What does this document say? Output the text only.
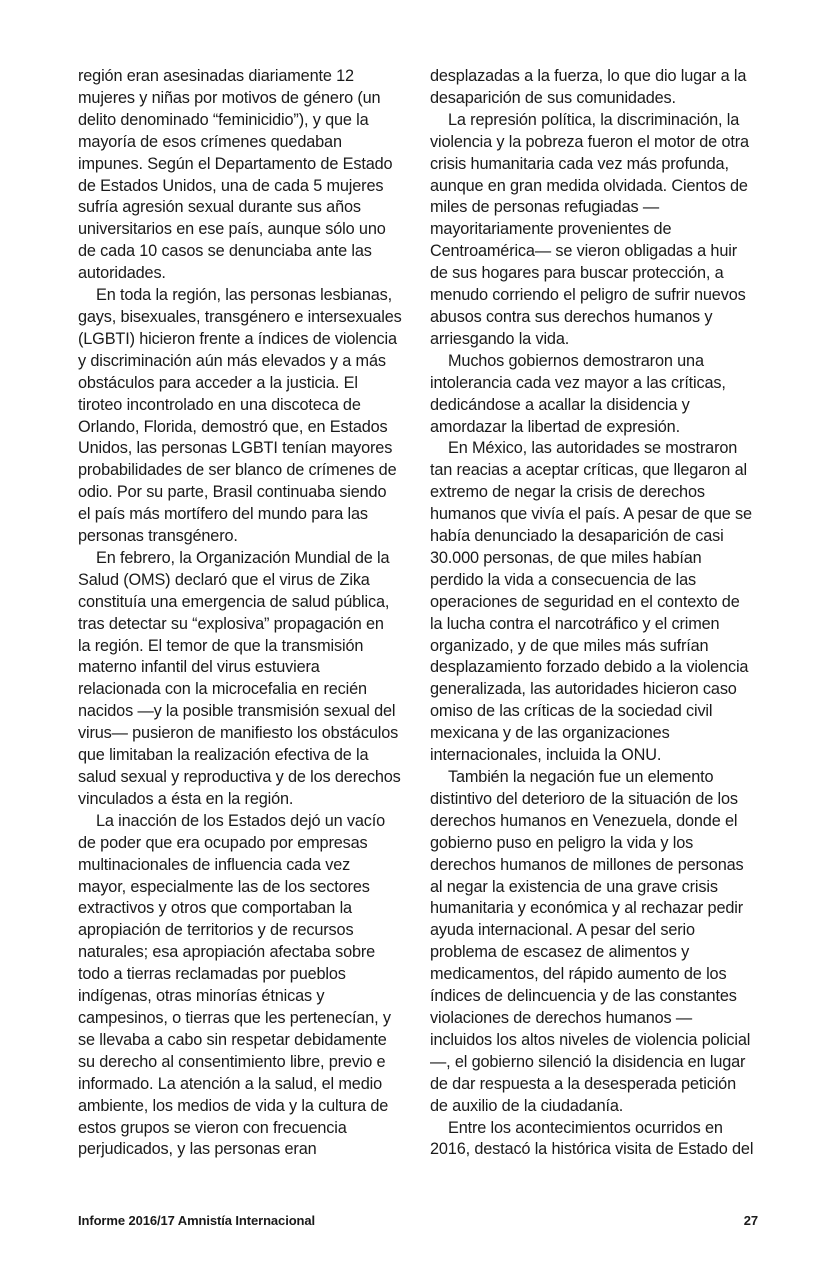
región eran asesinadas diariamente 12

mujeres y niñas por motivos de género (un

delito denominado “feminicidio”), y que la

mayoría de esos crímenes quedaban

impunes. Según el Departamento de Estado

de Estados Unidos, una de cada 5 mujeres

sufría agresión sexual durante sus años

universitarios en ese país, aunque sólo uno

de cada 10 casos se denunciaba ante las

autoridades.

En toda la región, las personas lesbianas,

gays, bisexuales, transgénero e intersexuales

(LGBTI) hicieron frente a índices de violencia

y discriminación aún más elevados y a más

obstáculos para acceder a la justicia. El

tiroteo incontrolado en una discoteca de

Orlando, Florida, demostró que, en Estados

Unidos, las personas LGBTI tenían mayores

probabilidades de ser blanco de crímenes de

odio. Por su parte, Brasil continuaba siendo

el país más mortífero del mundo para las

personas transgénero.

En febrero, la Organización Mundial de la

Salud (OMS) declaró que el virus de Zika

constituía una emergencia de salud pública,

tras detectar su “explosiva” propagación en

la región. El temor de que la transmisión

materno infantil del virus estuviera

relacionada con la microcefalia en recién

nacidos —y la posible transmisión sexual del

virus— pusieron de manifiesto los obstáculos

que limitaban la realización efectiva de la

salud sexual y reproductiva y de los derechos

vinculados a ésta en la región.

La inacción de los Estados dejó un vacío

de poder que era ocupado por empresas

multinacionales de influencia cada vez

mayor, especialmente las de los sectores

extractivos y otros que comportaban la

apropiación de territorios y de recursos

naturales; esa apropiación afectaba sobre

todo a tierras reclamadas por pueblos

indígenas, otras minorías étnicas y

campesinos, o tierras que les pertenecían, y

se llevaba a cabo sin respetar debidamente

su derecho al consentimiento libre, previo e

informado. La atención a la salud, el medio

ambiente, los medios de vida y la cultura de

estos grupos se vieron con frecuencia

perjudicados, y las personas eran

desplazadas a la fuerza, lo que dio lugar a la

desaparición de sus comunidades.

La represión política, la discriminación, la

violencia y la pobreza fueron el motor de otra

crisis humanitaria cada vez más profunda,

aunque en gran medida olvidada. Cientos de

miles de personas refugiadas —

mayoritariamente provenientes de

Centroamérica— se vieron obligadas a huir

de sus hogares para buscar protección, a

menudo corriendo el peligro de sufrir nuevos

abusos contra sus derechos humanos y

arriesgando la vida.

Muchos gobiernos demostraron una

intolerancia cada vez mayor a las críticas,

dedicándose a acallar la disidencia y

amordazar la libertad de expresión.

En México, las autoridades se mostraron

tan reacias a aceptar críticas, que llegaron al

extremo de negar la crisis de derechos

humanos que vivía el país. A pesar de que se

había denunciado la desaparición de casi

30.000 personas, de que miles habían

perdido la vida a consecuencia de las

operaciones de seguridad en el contexto de

la lucha contra el narcotráfico y el crimen

organizado, y de que miles más sufrían

desplazamiento forzado debido a la violencia

generalizada, las autoridades hicieron caso

omiso de las críticas de la sociedad civil

mexicana y de las organizaciones

internacionales, incluida la ONU.

También la negación fue un elemento

distintivo del deterioro de la situación de los

derechos humanos en Venezuela, donde el

gobierno puso en peligro la vida y los

derechos humanos de millones de personas

al negar la existencia de una grave crisis

humanitaria y económica y al rechazar pedir

ayuda internacional. A pesar del serio

problema de escasez de alimentos y

medicamentos, del rápido aumento de los

índices de delincuencia y de las constantes

violaciones de derechos humanos —

incluidos los altos niveles de violencia policial

—, el gobierno silenció la disidencia en lugar

de dar respuesta a la desesperada petición

de auxilio de la ciudadanía.

Entre los acontecimientos ocurridos en

2016, destacó la histórica visita de Estado del

Informe 2016/17 Amnistía Internacional	27
